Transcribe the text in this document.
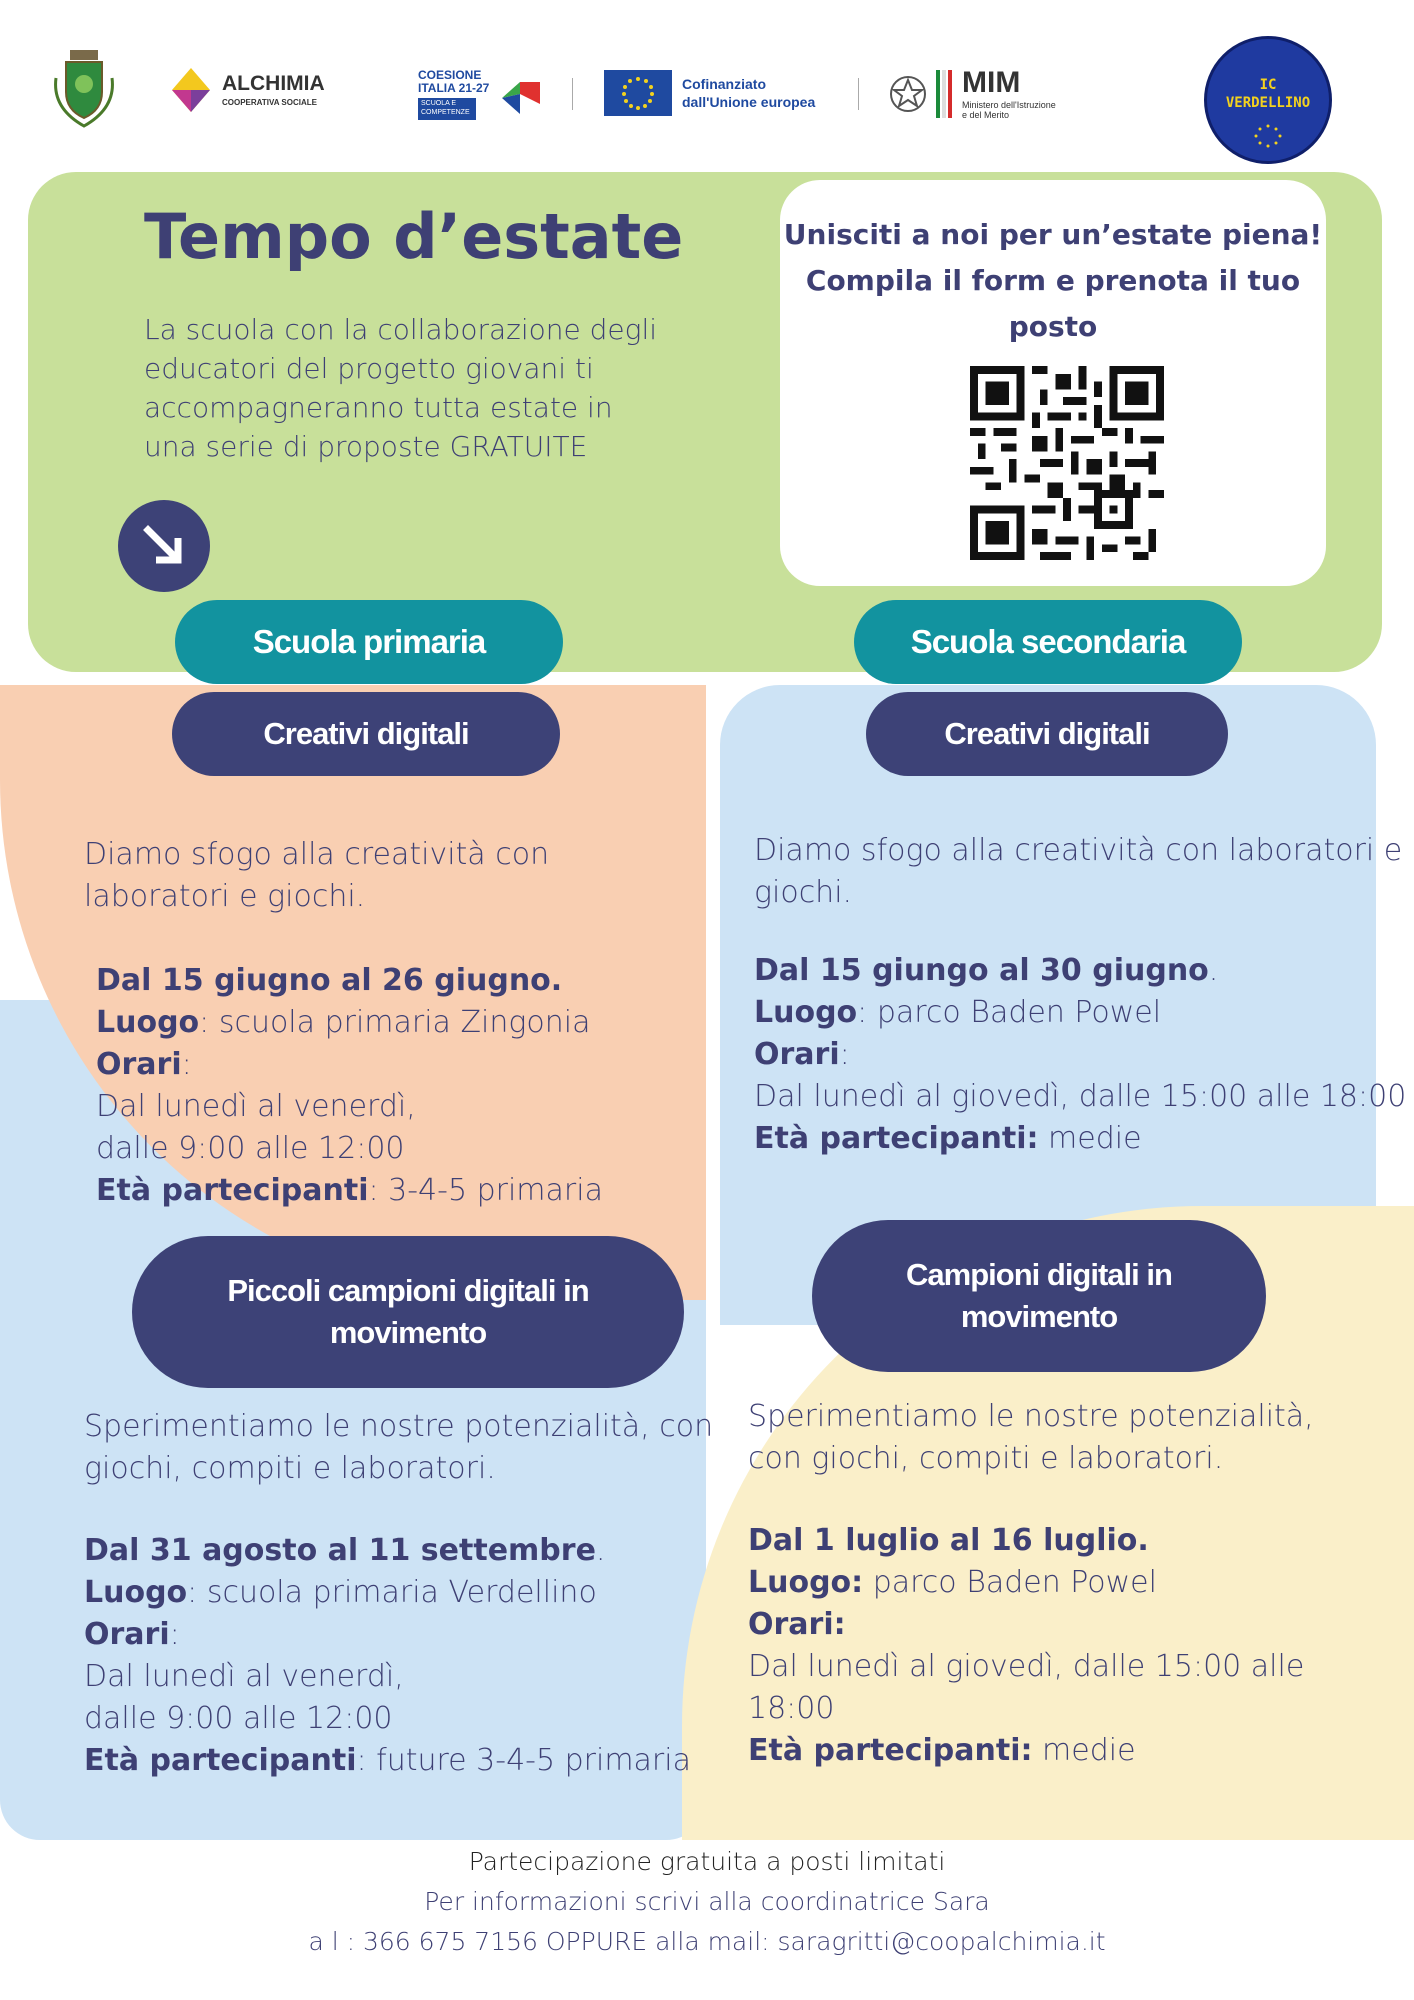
ALCHIMIA
COOPERATIVA SOCIALE
COESIONE
ITALIA 21-27
SCUOLA E
COMPETENZE
Cofinanziato
dall'Unione europea
MIM
Ministero dell'Istruzione
e del Merito
IC
VERDELLINO
Tempo d’estate
La scuola con la collaborazione degli
educatori del progetto giovani ti
accompagneranno tutta estate in
una serie di proposte GRATUITE
Unisciti a noi per un’estate piena!
Compila il form e prenota il tuo
posto
Scuola primaria	Scuola secondaria
Creativi digitali
Diamo sfogo alla creatività con
laboratori e giochi.
Dal 15 giugno al 26 giugno.
Luogo: scuola primaria Zingonia
Orari:
Dal lunedì al venerdì,
dalle 9:00 alle 12:00
Età partecipanti: 3-4-5 primaria
Creativi digitali
Diamo sfogo alla creatività con laboratori e
giochi.
Dal 15 giungo al 30 giugno.
Luogo: parco Baden Powel
Orari:
Dal lunedì al giovedì, dalle 15:00 alle 18:00
Età partecipanti: medie
Piccoli campioni digitali in
movimento
Sperimentiamo le nostre potenzialità, con
giochi, compiti e laboratori.
Dal 31 agosto al 11 settembre.
Luogo: scuola primaria Verdellino
Orari:
Dal lunedì al venerdì,
dalle 9:00 alle 12:00
Età partecipanti: future 3-4-5 primaria
Campioni digitali in
movimento
Sperimentiamo le nostre potenzialità,
con giochi, compiti e laboratori.
Dal 1 luglio al 16 luglio.
Luogo: parco Baden Powel
Orari:
Dal lunedì al giovedì, dalle 15:00 alle
18:00
Età partecipanti: medie
Partecipazione gratuita a posti limitati
Per informazioni scrivi alla coordinatrice Sara
a l : 366 675 7156 OPPURE alla mail: saragritti@coopalchimia.it
